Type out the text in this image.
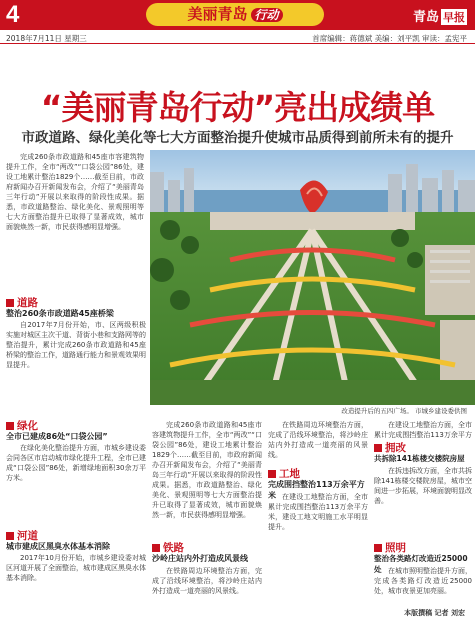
4	美丽青岛 行动	青岛 早报
2018年7月11日 星期三	首席编辑：蒋德斌 美编：刘平凯 审读：孟宪平
“美丽青岛行动”亮出成绩单
市政道路、绿化美化等七大方面整治提升使城市品质得到前所未有的提升
完成260条市政道路和45座市容建筑物提升工作，全市“两改”“口袋公园”86处，建设工地累计整治1829个……截至目前，市政府新闻办召开新闻发布会，介绍了“美丽青岛三年行动”开展以来取得的阶段性成果。据悉，市政道路整治、绿化美化、景观照明等七大方面整治提升已取得了显著成效，城市面貌焕然一新，市民获得感明显增强。
改造提升后的五四广场。 市城乡建设委供图
道路
整治260条市政道路45座桥梁
自2017年7月份开始，市、区两级积极实施对城区主次干道、背街小巷和支路网等的整治提升，累计完成260条市政道路和45座桥梁的整治工作，道路通行能力和景观效果明显提升。
绿化
全市已建成86处“口袋公园”
在绿化美化整治提升方面，市城乡建设委会同各区市启动城市绿化提升工程，全市已建成“口袋公园”86处，新增绿地面积30余万平方米。
河道
城市建成区黑臭水体基本消除
2017年10月份开始，市城乡建设委对城区河道开展了全面整治，城市建成区黑臭水体基本消除。
铁路
沙岭庄站内外打造成风景线
在铁路周边环境整治方面，完成了沿线环境整治，将沙岭庄站内外打造成一道亮丽的风景线。
完成260条市政道路和45座市容建筑物提升工作，全市“两改”“口袋公园”86处，建设工地累计整治1829个……截至目前，市政府新闻办召开新闻发布会，介绍了“美丽青岛三年行动”开展以来取得的阶段性成果。据悉，市政道路整治、绿化美化、景观照明等七大方面整治提升已取得了显著成效，城市面貌焕然一新，市民获得感明显增强。
工地
完成围挡整治113万余平方米 在建设工地整治方面，全市累计完成围挡整治113万余平方米，建设工地文明施工水平明显提升。
在铁路周边环境整治方面，完成了沿线环境整治，将沙岭庄站内外打造成一道亮丽的风景线。
拥改
共拆除141栋楼交楼院房屋
在拆违拆改方面，全市共拆除141栋楼交楼院房屋，城市空间进一步拓展，环境面貌明显改善。
在建设工地整治方面，全市累计完成围挡整治113万余平方
照明
整治各类路灯改造近25000处 在城市照明整治提升方面，完成各类路灯改造近25000处，城市夜景更加亮丽。
本版撰稿 记者 刘宏
